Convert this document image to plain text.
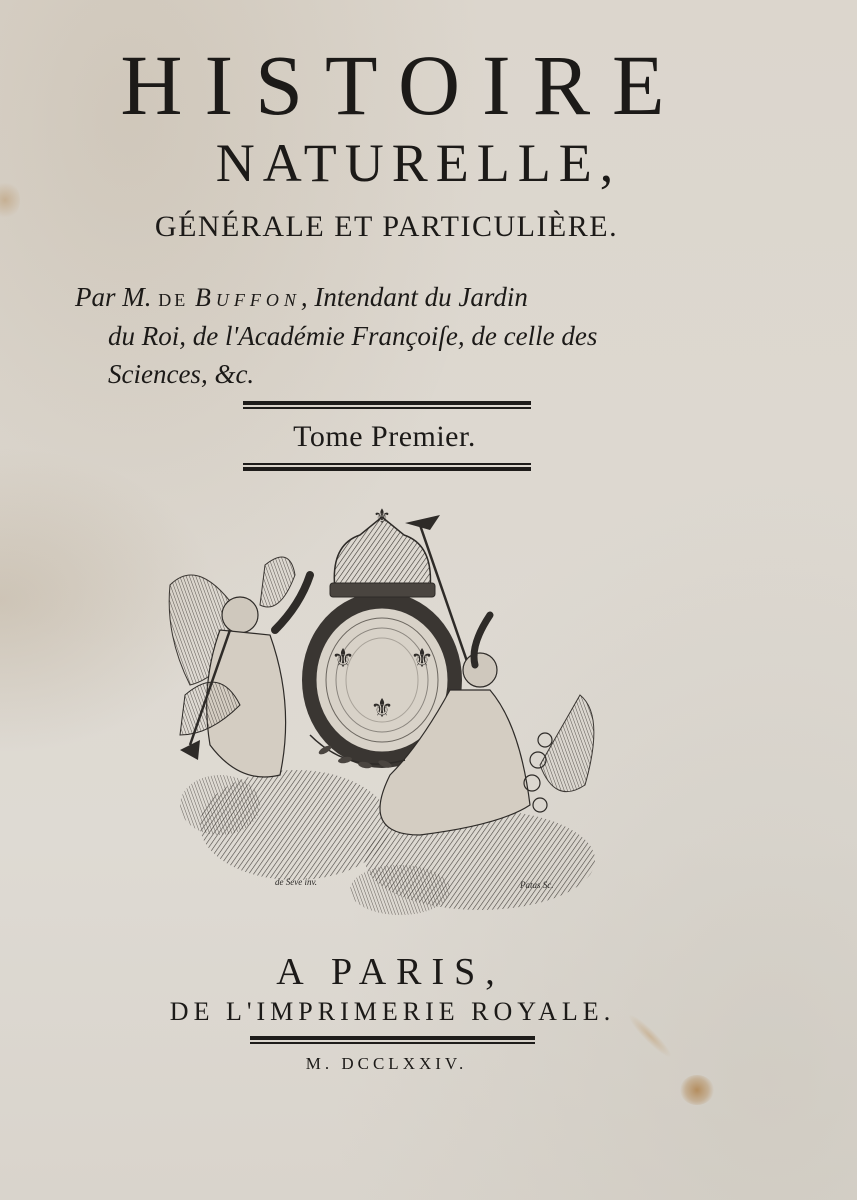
HISTOIRE
NATURELLE,
GÉNÉRALE ET PARTICULIÈRE.
Par M. de Buffon, Intendant du Jardin
du Roi, de l'Académie Françoiſe, de celle des
Sciences, &c.
Tome Premier.
⚜ ⚜
⚜
⚜
de Seve inv.	Patas Sc.
A PARIS,
DE L'IMPRIMERIE ROYALE.
M. DCCLXXIV.
